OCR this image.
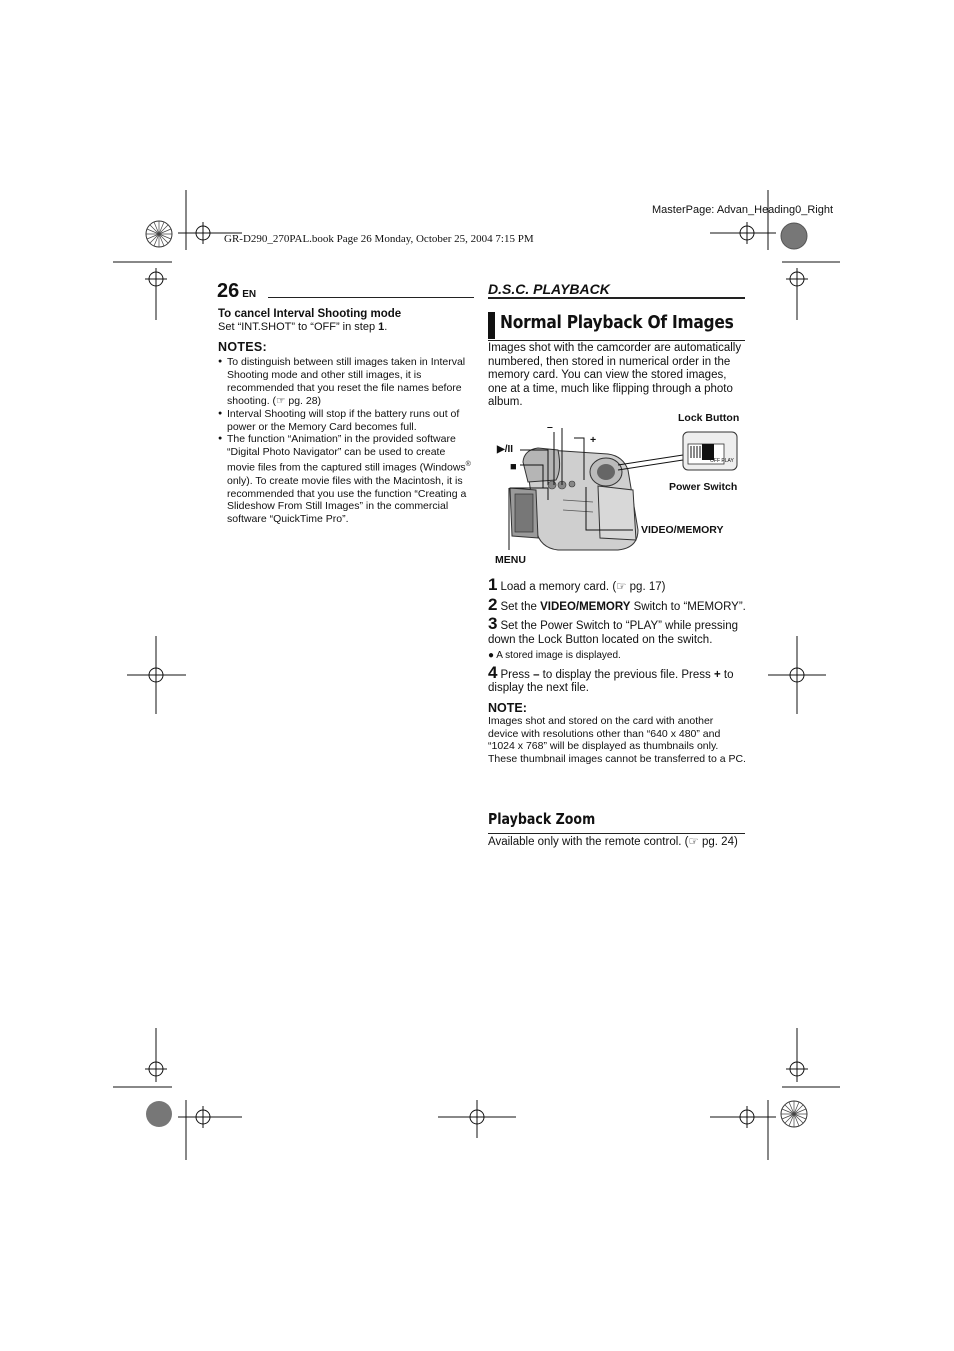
MasterPage: Advan_Heading0_Right
GR-D290_270PAL.book Page 26 Monday, October 25, 2004 7:15 PM
26 EN	D.S.C. PLAYBACK
To cancel Interval Shooting mode
Set “INT.SHOT” to “OFF” in step 1.
NOTES:
● To distinguish between still images taken in Interval Shooting mode and other still images, it is recommended that you reset the file names before shooting. (☞ pg. 28)
● Interval Shooting will stop if the battery runs out of power or the Memory Card becomes full.
● The function “Animation” in the provided software “Digital Photo Navigator” can be used to create movie files from the captured still images (Windows® only). To create movie files with the Macintosh, it is recommended that you use the function “Creating a Slideshow From Still Images” in the commercial software “QuickTime Pro”.
Normal Playback Of Images
Images shot with the camcorder are automatically numbered, then stored in numerical order in the memory card. You can view the stored images, one at a time, much like flipping through a photo album.
OFF PLAY
Lock Button
Power Switch
VIDEO/MEMORY
MENU
–
+
▶/II
■
1 Load a memory card. (☞ pg. 17)
2 Set the VIDEO/MEMORY Switch to “MEMORY”.
3 Set the Power Switch to “PLAY” while pressing down the Lock Button located on the switch.
● A stored image is displayed.
4 Press – to display the previous file. Press + to display the next file.
NOTE:
Images shot and stored on the card with another device with resolutions other than “640 x 480” and “1024 x 768” will be displayed as thumbnails only. These thumbnail images cannot be transferred to a PC.
Playback Zoom
Available only with the remote control. (☞ pg. 24)
